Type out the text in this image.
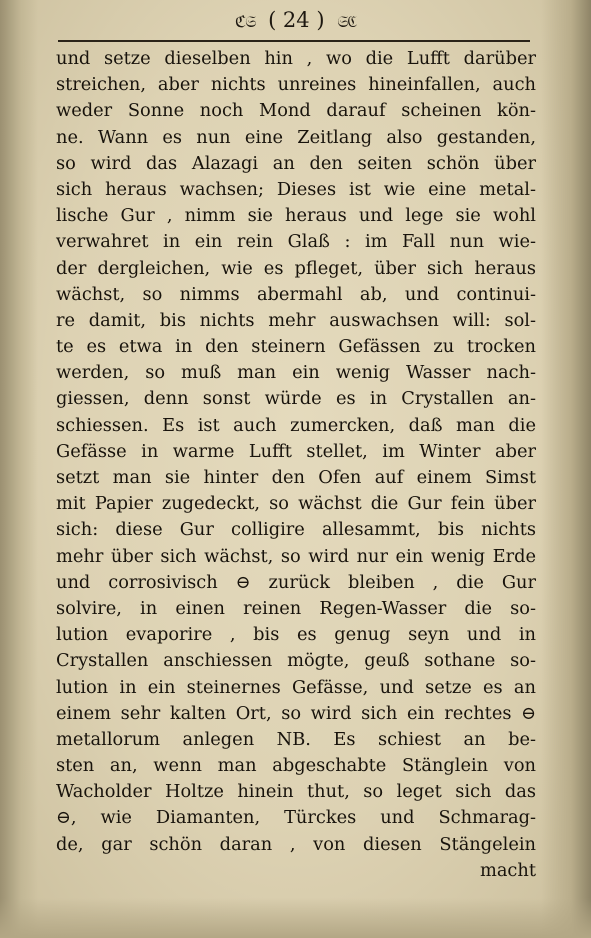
ℭ𝔖 ( 24 ) 𝔖ℭ
und setze dieselben hin , wo die Lufft darüber
streichen, aber nichts unreines hineinfallen, auch
weder Sonne noch Mond darauf scheinen kön-
ne. Wann es nun eine Zeitlang also gestanden,
so wird das Alazagi an den seiten schön über
sich heraus wachsen; Dieses ist wie eine metal-
lische Gur , nimm sie heraus und lege sie wohl
verwahret in ein rein Glaß : im Fall nun wie-
der dergleichen, wie es pfleget, über sich heraus
wächst, so nimms abermahl ab, und continui-
re damit, bis nichts mehr auswachsen will: sol-
te es etwa in den steinern Gefässen zu trocken
werden, so muß man ein wenig Wasser nach-
giessen, denn sonst würde es in Crystallen an-
schiessen. Es ist auch zumercken, daß man die
Gefässe in warme Lufft stellet, im Winter aber
setzt man sie hinter den Ofen auf einem Simst
mit Papier zugedeckt, so wächst die Gur fein über
sich: diese Gur colligire allesammt, bis nichts
mehr über sich wächst, so wird nur ein wenig Erde
und corrosivisch ⊖ zurück bleiben , die Gur
solvire, in einen reinen Regen-Wasser die so-
lution evaporire , bis es genug seyn und in
Crystallen anschiessen mögte, geuß sothane so-
lution in ein steinernes Gefässe, und setze es an
einem sehr kalten Ort, so wird sich ein rechtes ⊖
metallorum anlegen NB. Es schiest an be-
sten an, wenn man abgeschabte Stänglein von
Wacholder Holtze hinein thut, so leget sich das
⊖, wie Diamanten, Türckes und Schmarag-
de, gar schön daran , von diesen Stängelein
macht
